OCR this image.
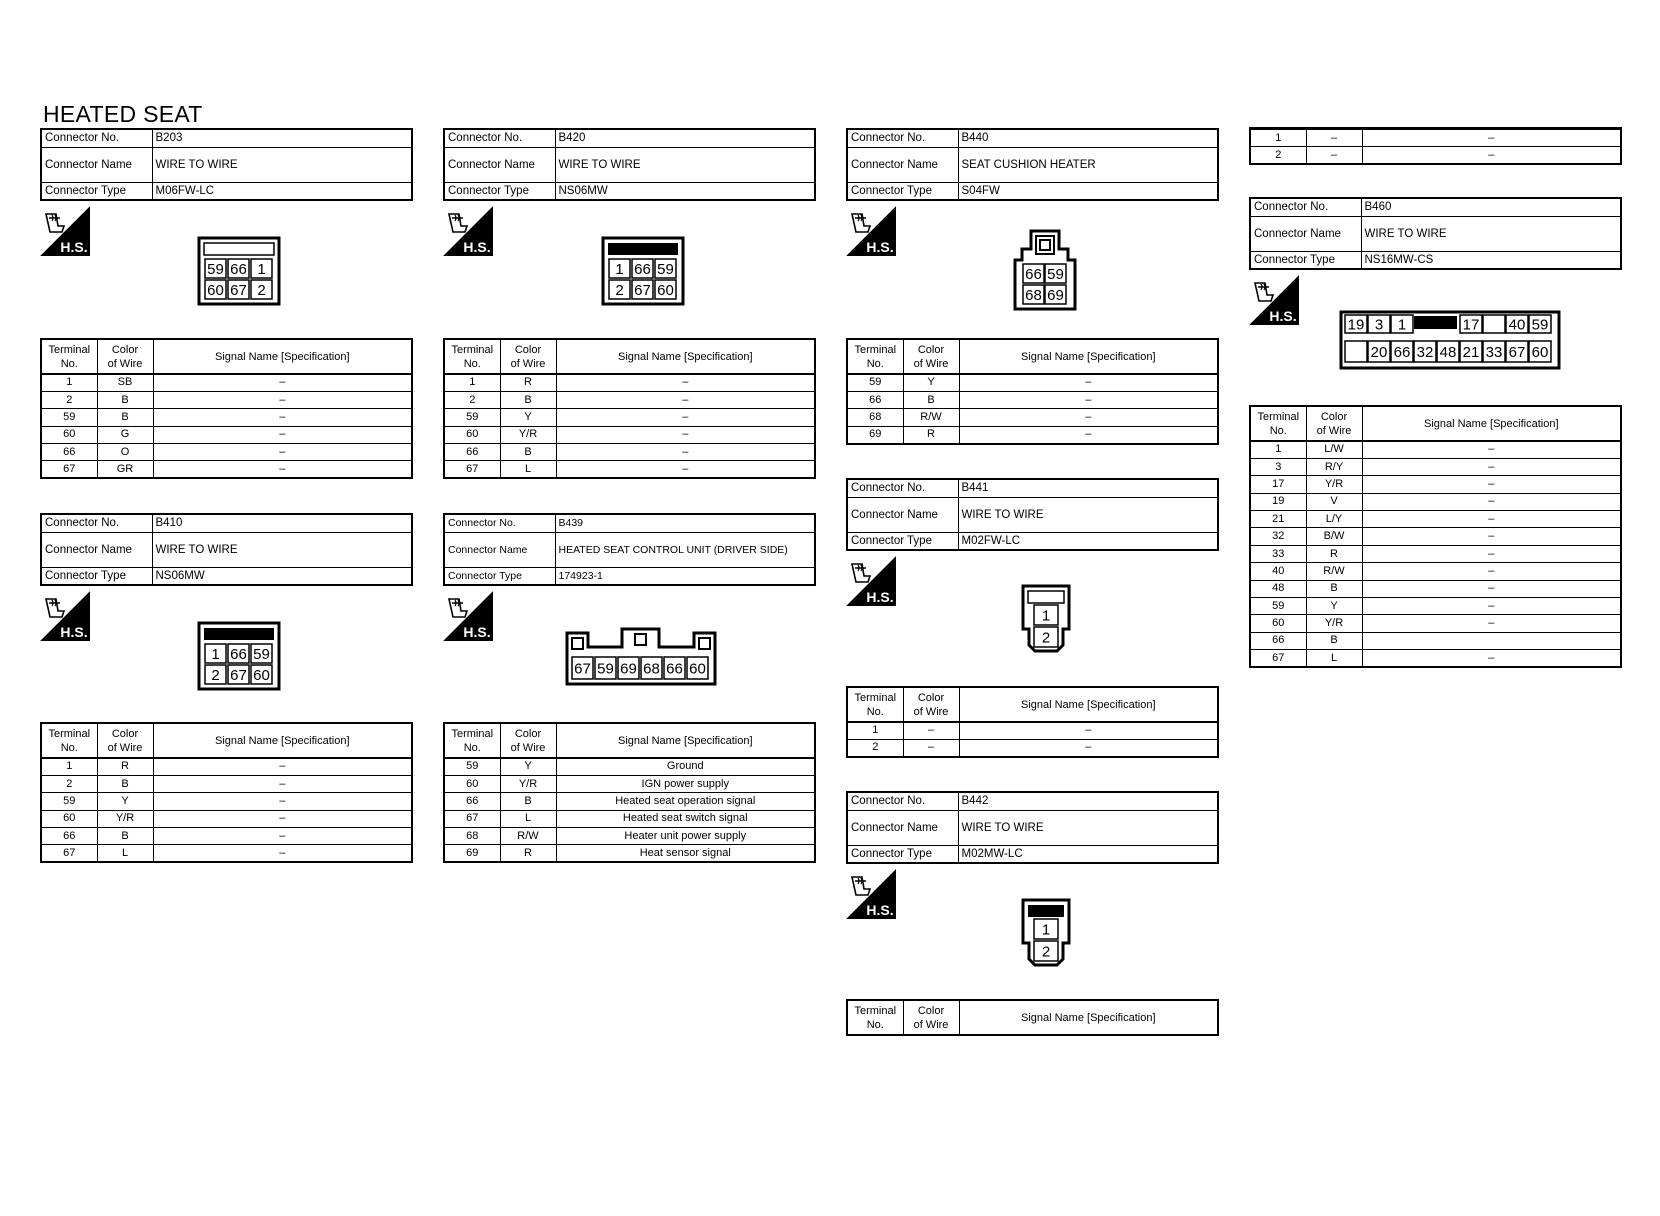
HEATED SEAT
Connector No.	B203
Connector Name	WIRE TO WIRE
Connector Type	M06FW-LC
H.S.
59 66 1
60 67 2
Terminal
No.	Color
of Wire	Signal Name [Specification]
1	SB	–
2	B	–
59	B	–
60	G	–
66	O	–
67	GR	–
Connector No.	B410
Connector Name	WIRE TO WIRE
Connector Type	NS06MW
H.S.
1 66 59
2 67 60
Terminal
No.	Color
of Wire	Signal Name [Specification]
1	R	–
2	B	–
59	Y	–
60	Y/R	–
66	B	–
67	L	–
Connector No.	B420
Connector Name	WIRE TO WIRE
Connector Type	NS06MW
H.S.
1 66 59
2 67 60
Terminal
No.	Color
of Wire	Signal Name [Specification]
1	R	–
2	B	–
59	Y	–
60	Y/R	–
66	B	–
67	L	–
Connector No.	B439
Connector Name	HEATED SEAT CONTROL UNIT (DRIVER SIDE)
Connector Type	174923-1
H.S.
67 59 69 68 66 60
Terminal
No.	Color
of Wire	Signal Name [Specification]
59	Y	Ground
60	Y/R	IGN power supply
66	B	Heated seat operation signal
67	L	Heated seat switch signal
68	R/W	Heater unit power supply
69	R	Heat sensor signal
Connector No.	B440
Connector Name	SEAT CUSHION HEATER
Connector Type	S04FW
H.S.
66 59
68 69
Terminal
No.	Color
of Wire	Signal Name [Specification]
59	Y	–
66	B	–
68	R/W	–
69	R	–
Connector No.	B441
Connector Name	WIRE TO WIRE
Connector Type	M02FW-LC
H.S.
1
2
Terminal
No.	Color
of Wire	Signal Name [Specification]
1	–	–
2	–	–
Connector No.	B442
Connector Name	WIRE TO WIRE
Connector Type	M02MW-LC
H.S.
1
2
Terminal
No.	Color
of Wire	Signal Name [Specification]

1	–	–
2	–	–
Connector No.	B460
Connector Name	WIRE TO WIRE
Connector Type	NS16MW-CS
H.S.
19 3 1	17 40 59
20 66 32 48 21 33 67 60
Terminal
No.	Color
of Wire	Signal Name [Specification]
1	L/W	–
3	R/Y	–
17	Y/R	–
19	V	–
21	L/Y	–
32	B/W	–
33	R	–
40	R/W	–
48	B	–
59	Y	–
60	Y/R	–
66	B	
67	L	–
